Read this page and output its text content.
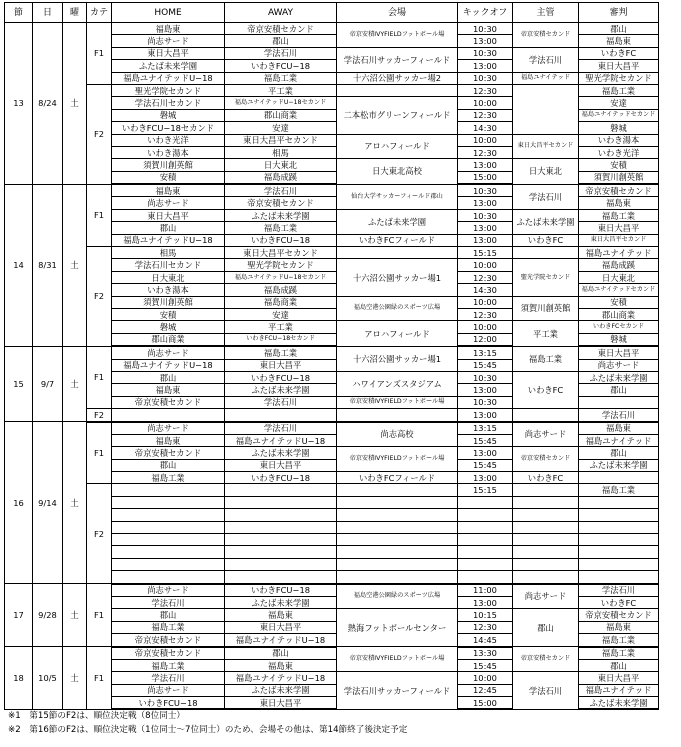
節	日	曜	カテ	HOME	AWAY	会場	キックオフ	主管	審判
13	8/24	土	F1	福島東	帝京安積セカンド	帝京安積IVYFIELDフットボール場	10:30	帝京安積セカンド	郡山
				尚志サード	郡山		13:00		福島東
				東日大昌平	学法石川	学法石川サッカーフィールド	10:30	学法石川	いわきFC
				ふたば未来学園	いわきFCU−18		13:00		東日大昌平
				福島ユナイテッドU−18	福島工業	十六沼公園サッカー場2	10:30	福島ユナイテッド	聖光学院セカンド
			F2	聖光学院セカンド	平工業		12:30		福島工業
				学法石川セカンド	福島ユナイテッドU−18セカンド	二本松市グリーンフィールド	10:00		安達
				磐城	郡山商業		12:30		福島ユナイテッドセカンド
				いわきFCU−18セカンド	安達		14:30		磐城
				いわき光洋	東日大昌平セカンド	アロハフィールド	10:00	東日大昌平セカンド	いわき湯本
				いわき湯本	相馬		12:30		いわき光洋
				須賀川創英館	日大東北	日大東北高校	13:00	日大東北	安積
				安積	福島成蹊		15:00		須賀川創英館
14	8/31	土	F1	福島東	学法石川	仙台大学サッカーフィールド郡山	10:30	学法石川	帝京安積セカンド
				尚志サード	帝京安積セカンド		13:00		福島東
				東日大昌平	ふたば未来学園	ふたば未来学園	10:30	ふたば未来学園	福島工業
				郡山	福島工業		13:00		東日大昌平
				福島ユナイテッドU−18	いわきFCU−18	いわきFCフィールド	13:00	いわきFC	東日大昌平セカンド
			F2	相馬	東日大昌平セカンド		15:15		福島ユナイテッド
				学法石川セカンド	聖光学院セカンド	十六沼公園サッカー場1	10:00	聖光学院セカンド	福島成蹊
				日大東北	福島ユナイテッドU−18セカンド		12:30		日大東北
				いわき湯本	福島成蹊		14:30		福島ユナイテッドセカンド
				須賀川創英館	福島商業	福島空港公園緑のスポーツ広場	10:00	須賀川創英館	安積
				安積	安達		12:30		郡山商業
				磐城	平工業	アロハフィールド	10:00	平工業	いわきFCセカンド
				郡山商業	いわきFCU−18セカンド		12:00		磐城
15	9/7	土	F1	尚志サード	福島工業	十六沼公園サッカー場1	13:15	福島工業	東日大昌平
				福島ユナイテッドU−18	東日大昌平		15:45		尚志サード
				郡山	いわきFCU−18	ハワイアンズスタジアム	10:30	いわきFC	ふたば未来学園
				福島東	ふたば未来学園		13:00		郡山
				帝京安積セカンド	学法石川	帝京安積IVYFIELDフットボール場	10:30		
			F2				13:00		学法石川
16	9/14	土	F1	尚志サード	学法石川	尚志高校	13:15	尚志サード	福島東
				福島東	福島ユナイテッドU−18		15:45		福島ユナイテッド
				帝京安積セカンド	ふたば未来学園	帝京安積IVYFIELDフットボール場	13:00	帝京安積セカンド	郡山
				郡山	東日大昌平		15:45		ふたば未来学園
				福島工業	いわきFCU−18	いわきFCフィールド	13:00	いわきFC	
			F2				15:15		福島工業

17	9/28	土	F1	尚志サード	いわきFCU−18	福島空港公園緑のスポーツ広場	11:00	尚志サード	学法石川
				学法石川	ふたば未来学園		13:00		いわきFC
				郡山	福島東	熱海フットボールセンター	10:15	郡山	帝京安積セカンド
				福島工業	東日大昌平		12:30		福島東
				帝京安積セカンド	福島ユナイテッドU−18		14:45		福島工業
18	10/5	土	F1	帝京安積セカンド	郡山	帝京安積IVYFIELDフットボール場	13:30	帝京安積セカンド	福島工業
				福島工業	福島東		15:45		郡山
				学法石川	福島ユナイテッドU−18	学法石川サッカーフィールド	10:00	学法石川	東日大昌平
				尚志サード	ふたば未来学園		12:45		福島ユナイテッド
				いわきFCU−18	東日大昌平		15:00		ふたば未来学園
※1　第15節のF2は、順位決定戦（8位同士）
※2　第16節のF2は、順位決定戦（1位同士〜7位同士）のため、会場その他は、第14節終了後決定予定
